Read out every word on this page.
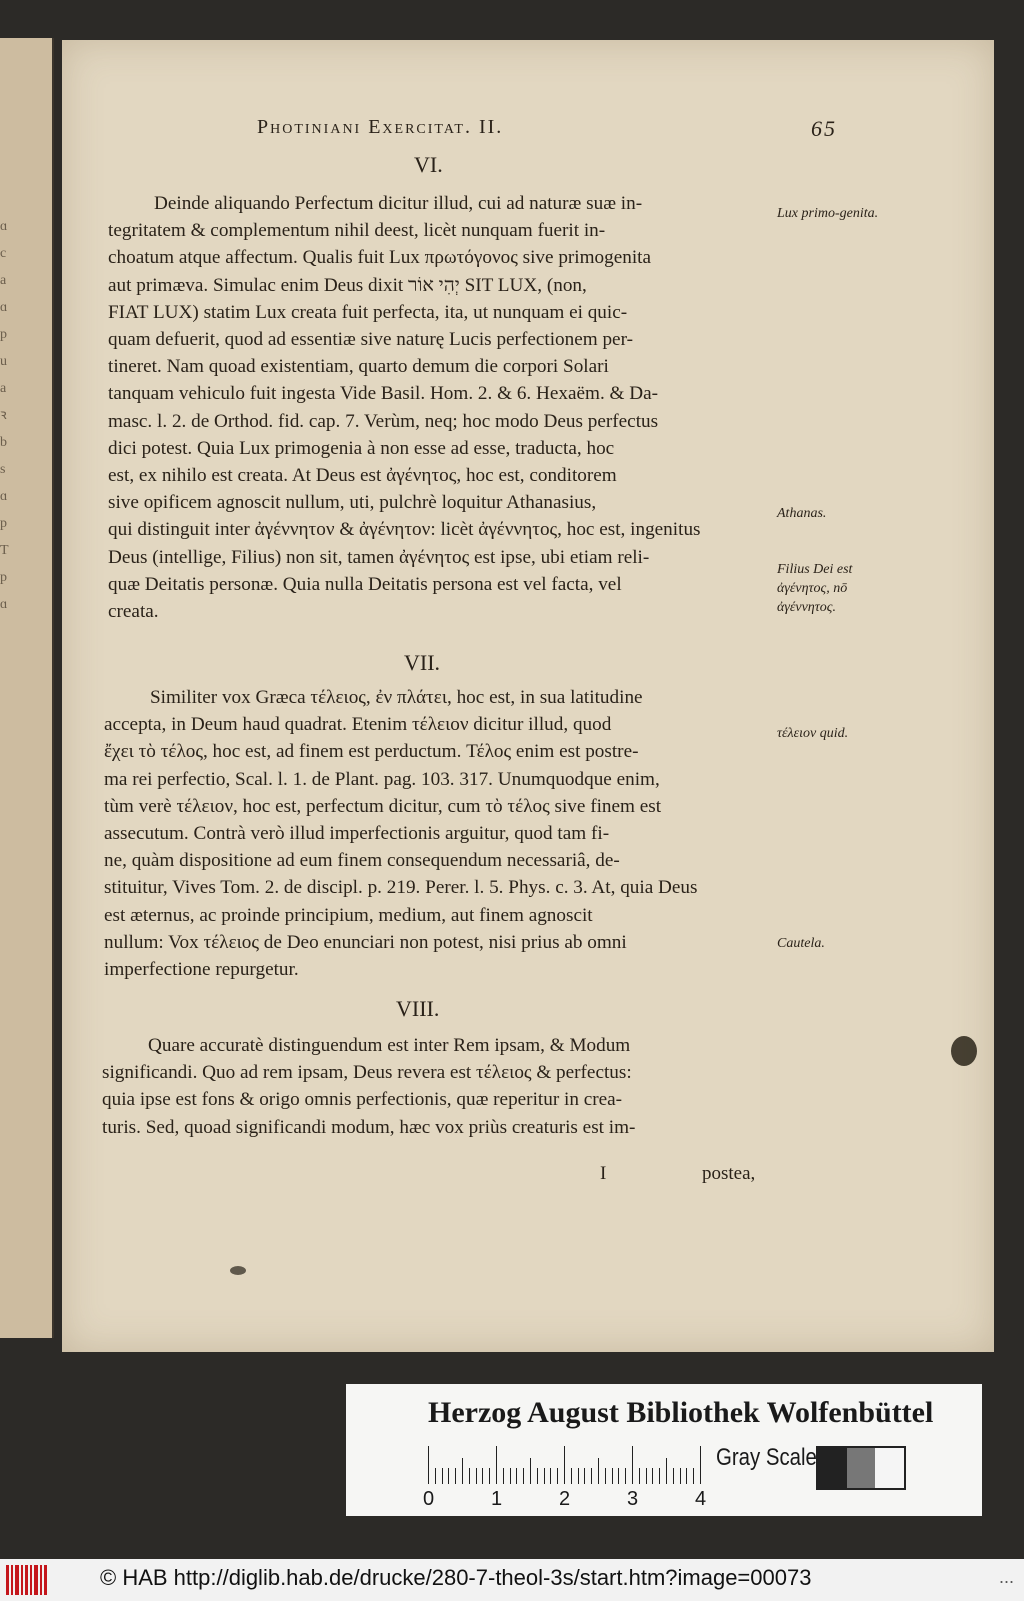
ɑ
c
a
ɑ
p
u
a
ꝛ
b
s
ɑ
p
T
p
ɑ
Photiniani Exercitat. II.	65
VI.
Deinde aliquando Perfectum dicitur illud, cui ad naturæ suæ in-
tegritatem & complementum nihil deest, licèt nunquam fuerit in-
choatum atque affectum. Qualis fuit Lux πρωτόγονος sive primogenita
aut primæva. Simulac enim Deus dixit יְהִי אוֹר SIT LUX, (non,
FIAT LUX) statim Lux creata fuit perfecta, ita, ut nunquam ei quic-
quam defuerit, quod ad essentiæ sive naturę Lucis perfectionem per-
tineret. Nam quoad existentiam, quarto demum die corpori Solari
tanquam vehiculo fuit ingesta Vide Basil. Hom. 2. & 6. Hexaëm. & Da-
masc. l. 2. de Orthod. fid. cap. 7. Verùm, neq; hoc modo Deus perfectus
dici potest. Quia Lux primogenia à non esse ad esse, traducta, hoc
est, ex nihilo est creata. At Deus est ἀγένητος, hoc est, conditorem
sive opificem agnoscit nullum, uti, pulchrè loquitur Athanasius,
qui distinguit inter ἀγέννητον & ἀγένητον: licèt ἀγέννητος, hoc est, ingenitus
Deus (intellige, Filius) non sit, tamen ἀγένητος est ipse, ubi etiam reli-
quæ Deitatis personæ. Quia nulla Deitatis persona est vel facta, vel
creata.
VII.
Similiter vox Græca τέλειος, ἐν πλάτει, hoc est, in sua latitudine
accepta, in Deum haud quadrat. Etenim τέλειον dicitur illud, quod
ἔχει τὸ τέλος, hoc est, ad finem est perductum. Τέλος enim est postre-
ma rei perfectio, Scal. l. 1. de Plant. pag. 103. 317. Unumquodque enim,
tùm verè τέλειον, hoc est, perfectum dicitur, cum τὸ τέλος sive finem est
assecutum. Contrà verò illud imperfectionis arguitur, quod tam fi-
ne, quàm dispositione ad eum finem consequendum necessariâ, de-
stituitur, Vives Tom. 2. de discipl. p. 219. Perer. l. 5. Phys. c. 3. At, quia Deus
est æternus, ac proinde principium, medium, aut finem agnoscit
nullum: Vox τέλειος de Deo enunciari non potest, nisi prius ab omni
imperfectione repurgetur.
VIII.
Quare accuratè distinguendum est inter Rem ipsam, & Modum
significandi. Quo ad rem ipsam, Deus revera est τέλειος & perfectus:
quia ipse est fons & origo omnis perfectionis, quæ reperitur in crea-
turis. Sed, quoad significandi modum, hæc vox priùs creaturis est im-
I	postea,
Lux primo-genita.
Athanas.
Filius Dei est ἀγένητος, nō ἀγέννητος.
τέλειον quid.
Cautela.
Herzog August Bibliothek Wolfenbüttel
0	1	2	3	4
Gray Scale
© HAB http://diglib.hab.de/drucke/280-7-theol-3s/start.htm?image=00073	...
